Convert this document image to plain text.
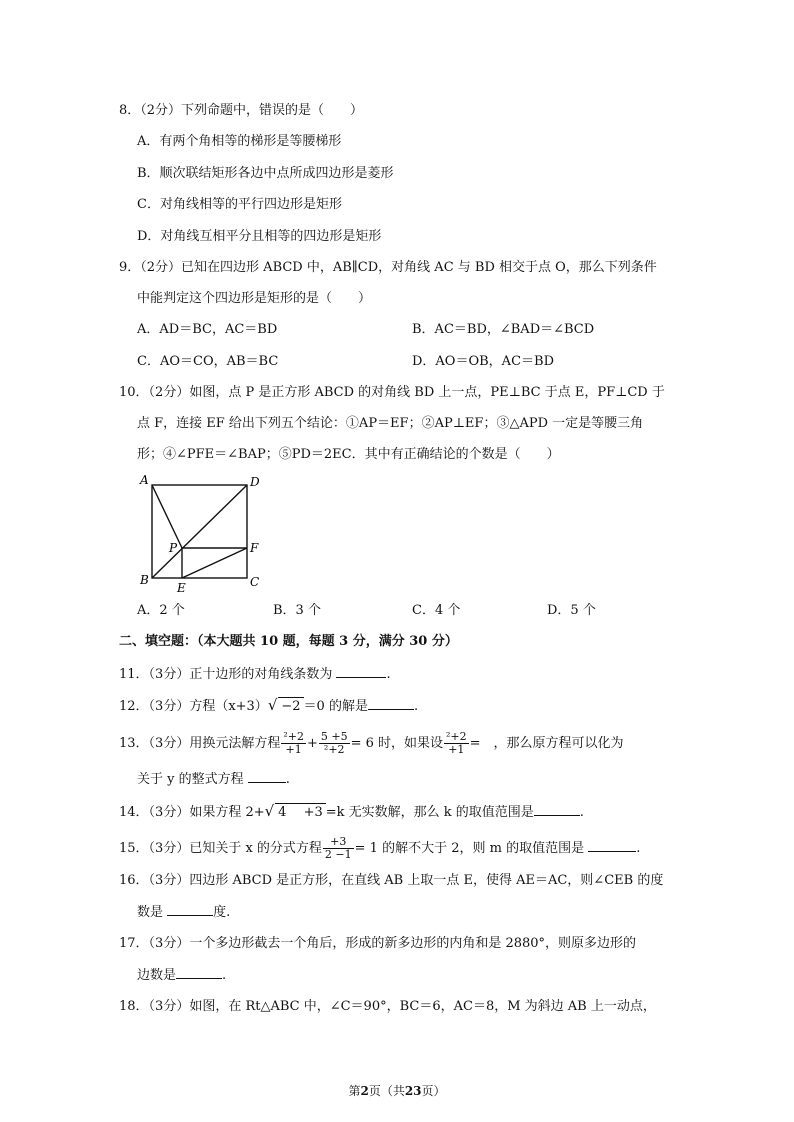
8．（2分）下列命题中，错误的是（　　）
A．有两个角相等的梯形是等腰梯形
B．顺次联结矩形各边中点所成四边形是菱形
C．对角线相等的平行四边形是矩形
D．对角线互相平分且相等的四边形是矩形
9．（2分）已知在四边形 ABCD 中，AB∥CD，对角线 AC 与 BD 相交于点 O，那么下列条件
中能判定这个四边形是矩形的是（　　）
A．AD＝BC，AC＝BD	B．AC＝BD，∠BAD＝∠BCD
C．AO＝CO，AB＝BC	D．AO＝OB，AC＝BD
10．（2分）如图，点 P 是正方形 ABCD 的对角线 BD 上一点，PE⊥BC 于点 E，PF⊥CD 于
点 F，连接 EF 给出下列五个结论：①AP＝EF；②AP⊥EF；③△APD 一定是等腰三角
形；④∠PFE＝∠BAP；⑤PD＝2EC．其中有正确结论的个数是（　　）
A	D
P	F
B
E	C
A．2 个	B．3 个	C．4 个	D．5 个
二、填空题：（本大题共 10 题，每题 3 分，满分 30 分）
11．（3分）正十边形的对角线条数为	.
12．（3分）方程（x+3）√ −2 ＝0 的解是	.
13．（3分）用换元法解方程 $\frac{\text{²+2}}{+1} + \frac{5 +5}{\text{²+2}} = 6$ 时，如果设 $\frac{\text{²+2}}{+1}$ =　，那么原方程可以化为
关于 y 的整式方程	.
14．（3分）如果方程 2+√ 4 　+3 =k 无实数解，那么 k 的取值范围是	.
15．（3分）已知关于 x 的分式方程 $\frac{+3}{2 -1} = 1$ 的解不大于 2，则 m 的取值范围是	.
16．（3分）四边形 ABCD 是正方形，在直线 AB 上取一点 E，使得 AE＝AC，则∠CEB 的度
数是	度.
17．（3分）一个多边形截去一个角后，形成的新多边形的内角和是 2880°，则原多边形的
边数是	.
18．（3分）如图，在 Rt△ABC 中，∠C＝90°，BC＝6，AC＝8，M 为斜边 AB 上一动点，
第2页（共23页）
